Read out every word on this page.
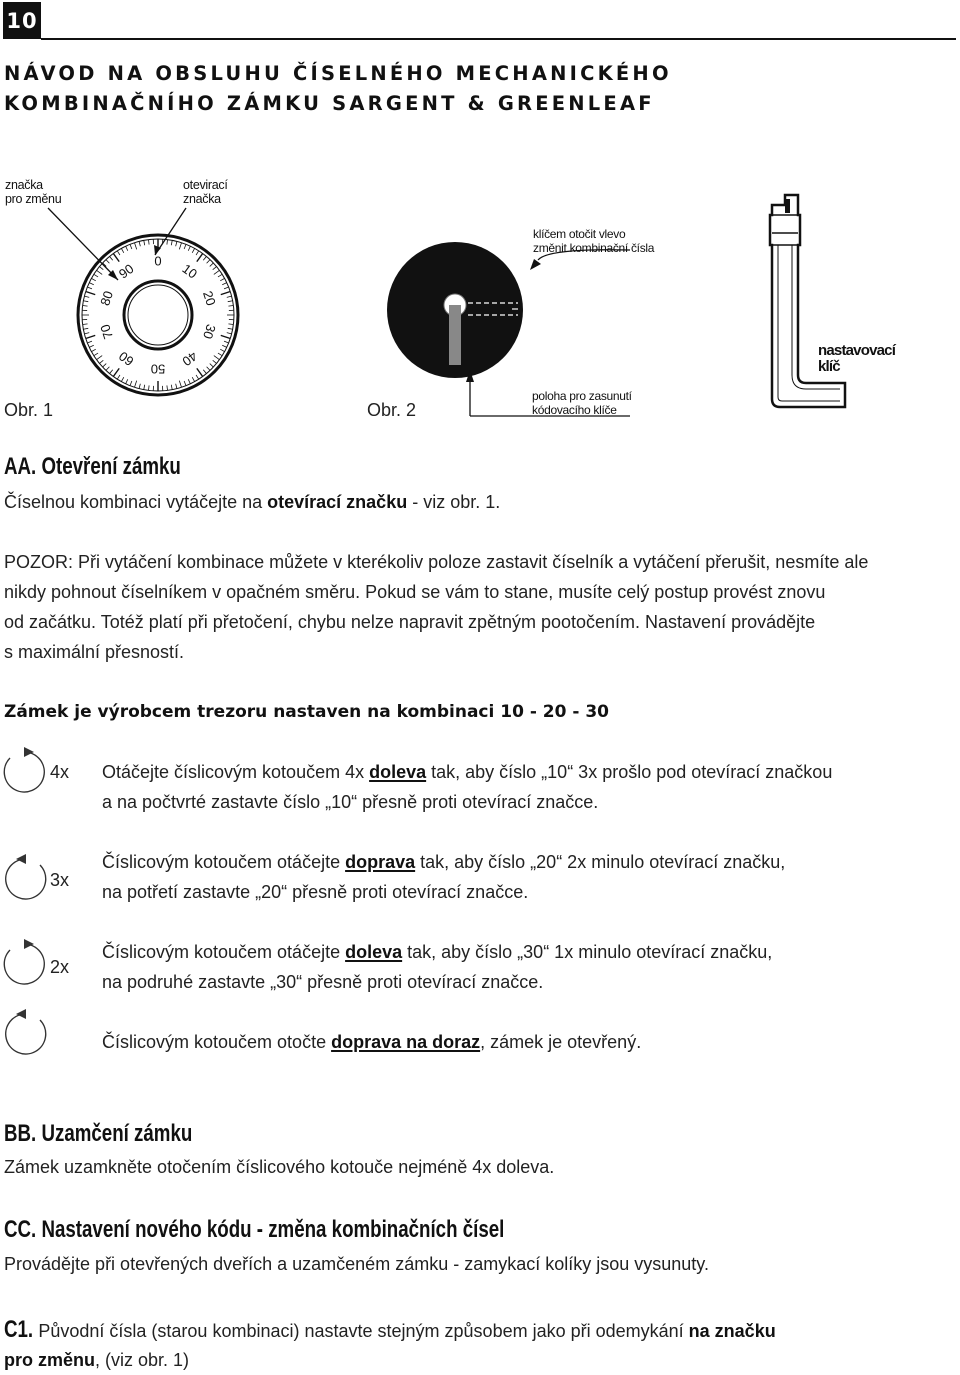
10
NÁVOD NA OBSLUHU ČÍSELNÉHO MECHANICKÉHO
KOMBINAČNÍHO ZÁMKU SARGENT & GREENLEAF
značka
pro změnu
otevirací
značka
0
10
20
30
40
50
60
70
80
90
Obr. 1	Obr. 2
klíčem otočit vlevo
změnit kombinační čísla
poloha pro zasunutí
kódovacího klíče
nastavovací
klíč
AA. Otevření zámku
Číselnou kombinaci vytáčejte na otevírací značku - viz obr. 1.
POZOR: Při vytáčení kombinace můžete v kterékoliv poloze zastavit číselník a vytáčení přerušit, nesmíte ale
nikdy pohnout číselníkem v opačném směru. Pokud se vám to stane, musíte celý postup provést znovu
od začátku. Totéž platí při přetočení, chybu nelze napravit zpětným pootočením. Nastavení provádějte
s maximální přesností.
Zámek je výrobcem trezoru nastaven na kombinaci 10 - 20 - 30
4x Otáčejte číslicovým kotoučem 4x doleva tak, aby číslo „10“ 3x prošlo pod otevírací značkou
a na počtvrté zastavte číslo „10“ přesně proti otevírací značce.
3x
Číslicovým kotoučem otáčejte doprava tak, aby číslo „20“ 2x minulo otevírací značku,
na potřetí zastavte „20“ přesně proti otevírací značce.
2x
Číslicovým kotoučem otáčejte doleva tak, aby číslo „30“ 1x minulo otevírací značku,
na podruhé zastavte „30“ přesně proti otevírací značce.
Číslicovým kotoučem otočte doprava na doraz, zámek je otevřený.
BB. Uzamčení zámku
Zámek uzamkněte otočením číslicového kotouče nejméně 4x doleva.
CC. Nastavení nového kódu - změna kombinačních čísel
Provádějte při otevřených dveřích a uzamčeném zámku - zamykací kolíky jsou vysunuty.
C1. Původní čísla (starou kombinaci) nastavte stejným způsobem jako při odemykání na značku
pro změnu, (viz obr. 1)
